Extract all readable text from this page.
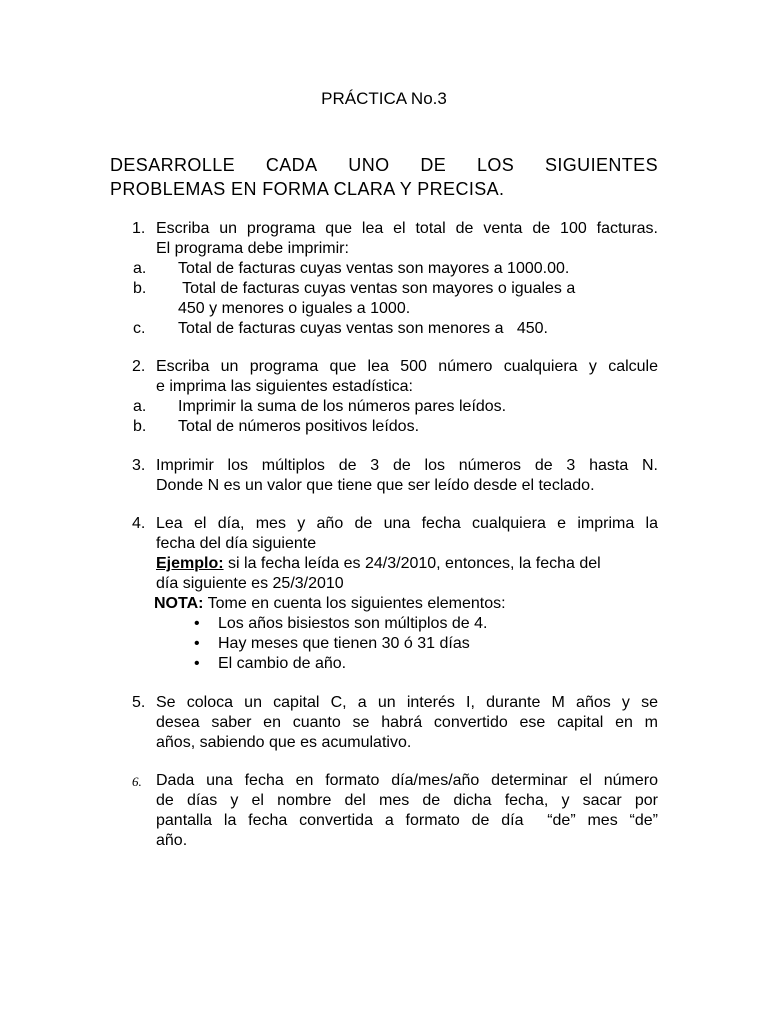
PRÁCTICA No.3
DESARROLLE CADA UNO DE LOS SIGUIENTES
PROBLEMAS EN FORMA CLARA Y PRECISA.
1. Escriba un programa que lea el total de venta de 100 facturas.
El programa debe imprimir:
a. Total de facturas cuyas ventas son mayores a 1000.00.
b. Total de facturas cuyas ventas son mayores o iguales a
450 y menores o iguales a 1000.
c. Total de facturas cuyas ventas son menores a   450.
2. Escriba un programa que lea 500 número cualquiera y calcule
e imprima las siguientes estadística:
a. Imprimir la suma de los números pares leídos.
b. Total de números positivos leídos.
3. Imprimir los múltiplos de 3 de los números de 3 hasta N.
Donde N es un valor que tiene que ser leído desde el teclado.
4. Lea el día, mes y año de una fecha cualquiera e imprima la
fecha del día siguiente
Ejemplo: si la fecha leída es 24/3/2010, entonces, la fecha del
día siguiente es 25/3/2010
NOTA: Tome en cuenta los siguientes elementos:
• Los años bisiestos son múltiplos de 4.
• Hay meses que tienen 30 ó 31 días
• El cambio de año.
5. Se coloca un capital C, a un interés I, durante M años y se
desea saber en cuanto se habrá convertido ese capital en m
años, sabiendo que es acumulativo.
6. Dada una fecha en formato día/mes/año determinar el número
de días y el nombre del mes de dicha fecha, y sacar por
pantalla la fecha convertida a formato de día  “de” mes “de”
año.
